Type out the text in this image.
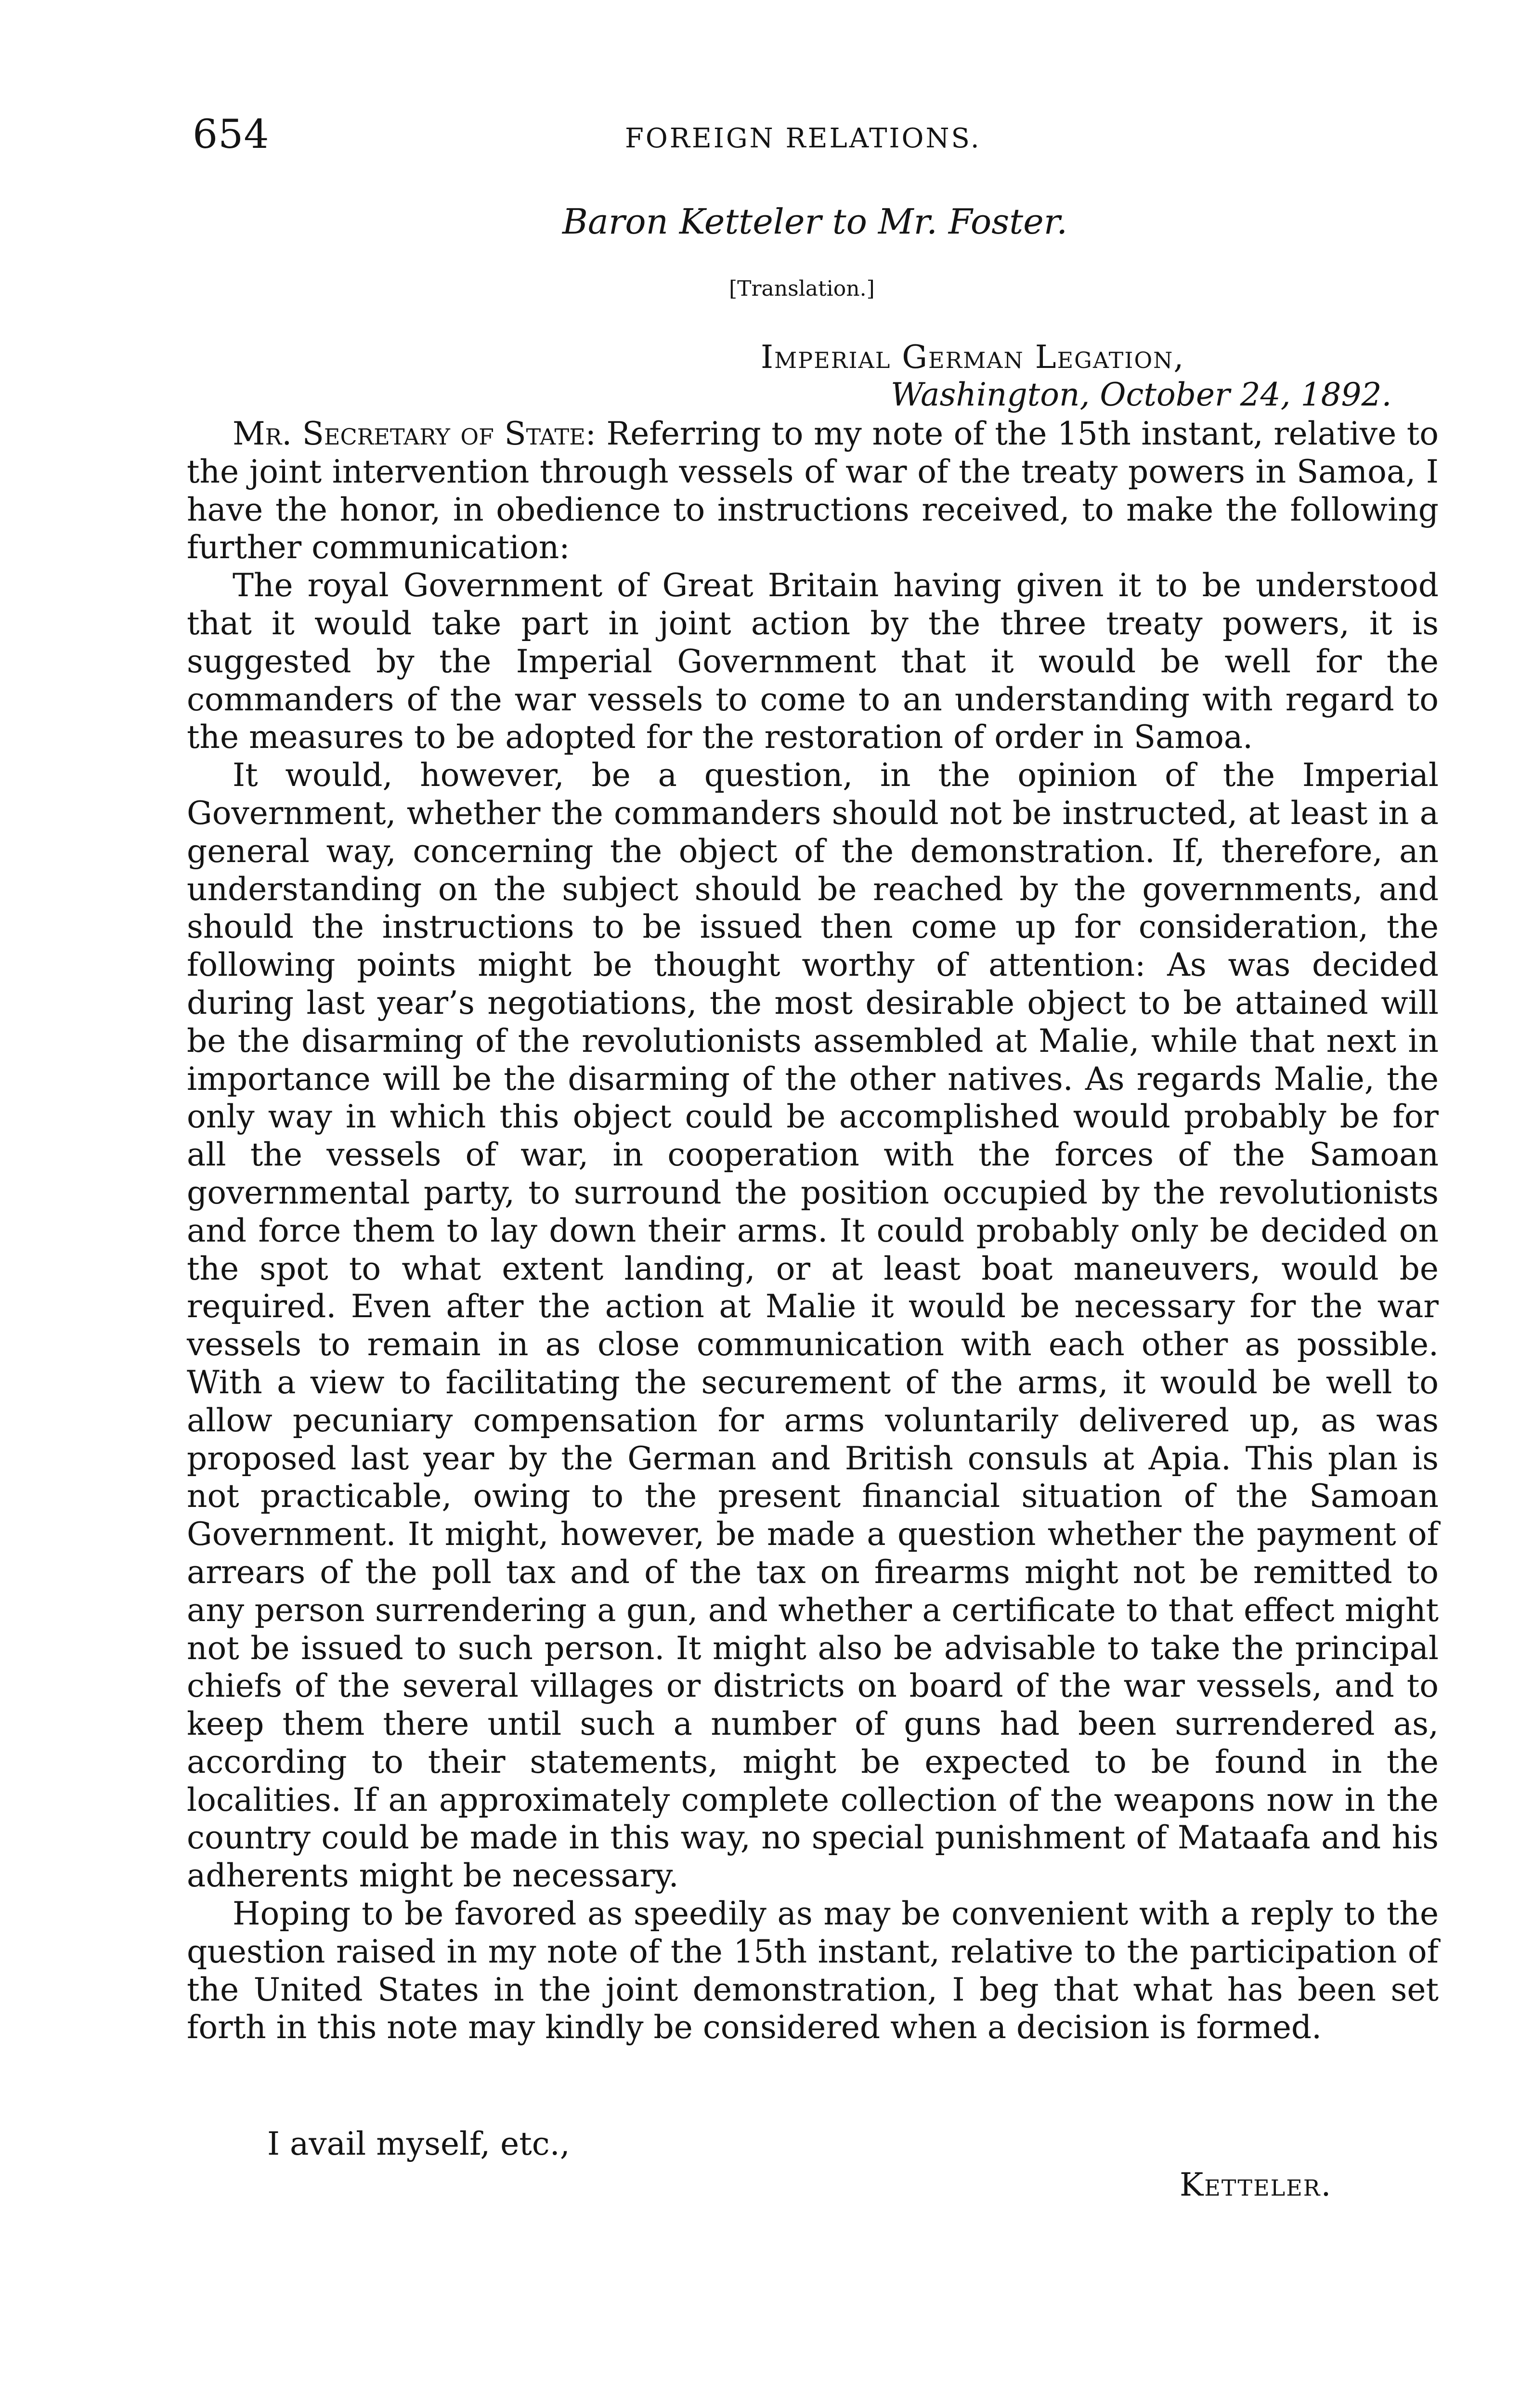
654	FOREIGN RELATIONS.
Baron Ketteler to Mr. Foster.
[Translation.]
Imperial German Legation,
Washington, October 24, 1892.

Mr. Secretary of State: Referring to my note of the 15th instant, relative to the joint intervention through vessels of war of the treaty powers in Samoa, I have the honor, in obedience to instructions received, to make the following further communication:

The royal Government of Great Britain having given it to be understood that it would take part in joint action by the three treaty powers, it is suggested by the Imperial Government that it would be well for the commanders of the war vessels to come to an understanding with regard to the measures to be adopted for the restoration of order in Samoa.

It would, however, be a question, in the opinion of the Imperial Government, whether the commanders should not be instructed, at least in a general way, concerning the object of the demonstration. If, therefore, an understanding on the subject should be reached by the governments, and should the instructions to be issued then come up for consideration, the following points might be thought worthy of attention: As was decided during last year’s negotiations, the most desirable object to be attained will be the disarming of the revolutionists assembled at Malie, while that next in importance will be the disarming of the other natives. As regards Malie, the only way in which this object could be accomplished would probably be for all the vessels of war, in cooperation with the forces of the Samoan governmental party, to surround the position occupied by the revolutionists and force them to lay down their arms. It could probably only be decided on the spot to what extent landing, or at least boat maneuvers, would be required. Even after the action at Malie it would be necessary for the war vessels to remain in as close communication with each other as possible. With a view to facilitating the securement of the arms, it would be well to allow pecuniary compensation for arms voluntarily delivered up, as was proposed last year by the German and British consuls at Apia. This plan is not practicable, owing to the present financial situation of the Samoan Government. It might, however, be made a question whether the payment of arrears of the poll tax and of the tax on firearms might not be remitted to any person surrendering a gun, and whether a certificate to that effect might not be issued to such person. It might also be advisable to take the principal chiefs of the several villages or districts on board of the war vessels, and to keep them there until such a number of guns had been surrendered as, according to their statements, might be expected to be found in the localities. If an approximately complete collection of the weapons now in the country could be made in this way, no special punishment of Mataafa and his adherents might be necessary.

Hoping to be favored as speedily as may be convenient with a reply to the question raised in my note of the 15th instant, relative to the participation of the United States in the joint demonstration, I beg that what has been set forth in this note may kindly be considered when a decision is formed.

I avail myself, etc.,
Ketteler.
